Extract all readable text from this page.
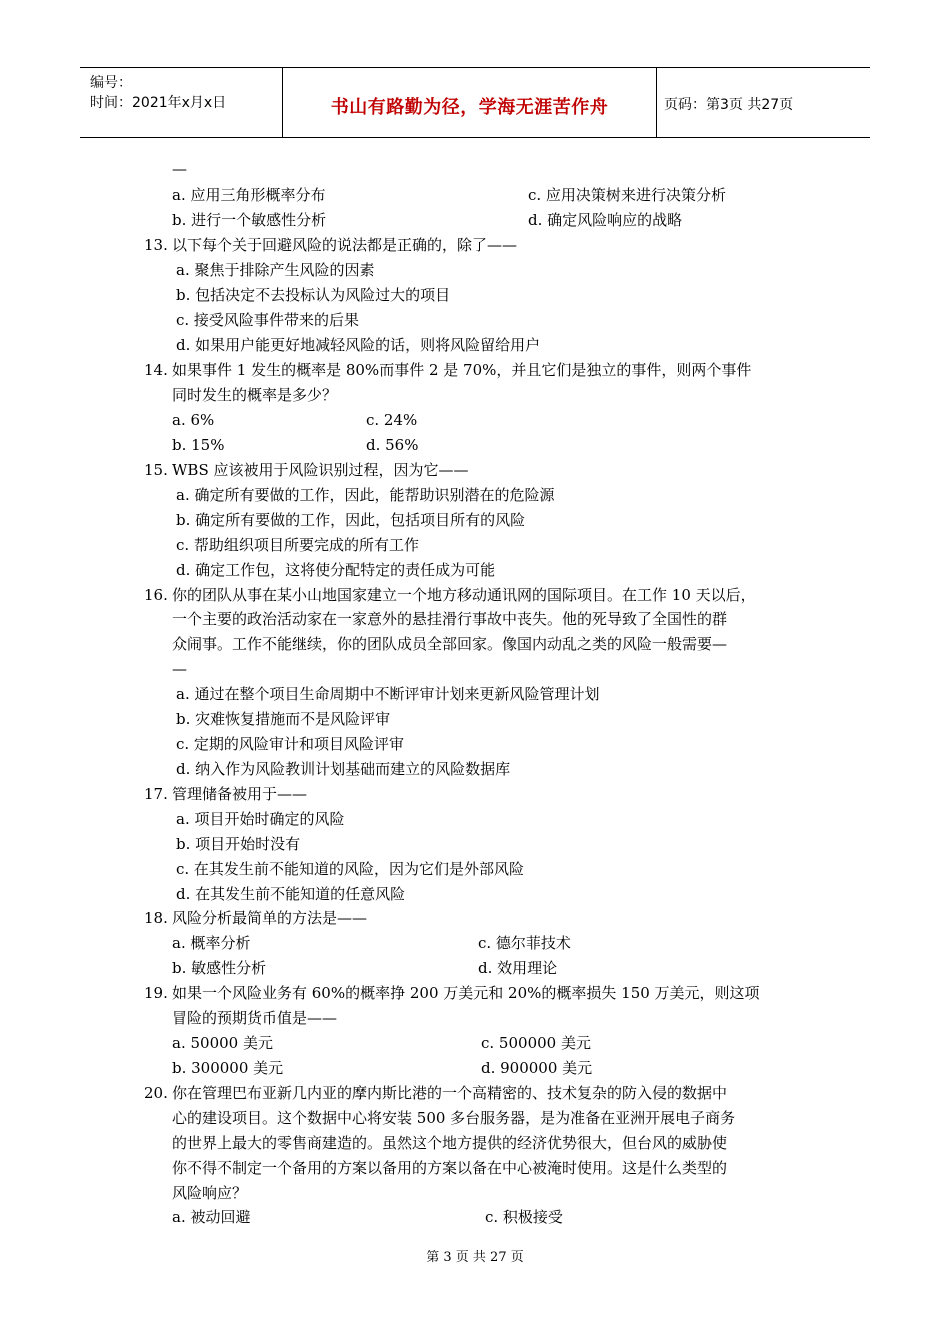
编号：
时间：2021年x月x日	书山有路勤为径，学海无涯苦作舟	页码：第3页 共27页
—
a. 应用三角形概率分布	c. 应用决策树来进行决策分析
b. 进行一个敏感性分析	d. 确定风险响应的战略
13. 以下每个关于回避风险的说法都是正确的，除了——
a. 聚焦于排除产生风险的因素
b. 包括决定不去投标认为风险过大的项目
c. 接受风险事件带来的后果
d. 如果用户能更好地减轻风险的话，则将风险留给用户
14. 如果事件 1 发生的概率是 80%而事件 2 是 70%，并且它们是独立的事件，则两个事件
同时发生的概率是多少？
a. 6%	c. 24%
b. 15%	d. 56%
15. WBS 应该被用于风险识别过程，因为它——
a. 确定所有要做的工作，因此，能帮助识别潜在的危险源
b. 确定所有要做的工作，因此，包括项目所有的风险
c. 帮助组织项目所要完成的所有工作
d. 确定工作包，这将使分配特定的责任成为可能
16. 你的团队从事在某小山地国家建立一个地方移动通讯网的国际项目。在工作 10 天以后，
一个主要的政治活动家在一家意外的悬挂滑行事故中丧失。他的死导致了全国性的群
众闹事。工作不能继续，你的团队成员全部回家。像国内动乱之类的风险一般需要—
—
a. 通过在整个项目生命周期中不断评审计划来更新风险管理计划
b. 灾难恢复措施而不是风险评审
c. 定期的风险审计和项目风险评审
d. 纳入作为风险教训计划基础而建立的风险数据库
17. 管理储备被用于——
a. 项目开始时确定的风险
b. 项目开始时没有
c. 在其发生前不能知道的风险，因为它们是外部风险
d. 在其发生前不能知道的任意风险
18. 风险分析最简单的方法是——
a. 概率分析	c. 德尔菲技术
b. 敏感性分析	d. 效用理论
19. 如果一个风险业务有 60%的概率挣 200 万美元和 20%的概率损失 150 万美元，则这项
冒险的预期货币值是——
a. 50000 美元	c. 500000 美元
b. 300000 美元	d. 900000 美元
20. 你在管理巴布亚新几内亚的摩内斯比港的一个高精密的、技术复杂的防入侵的数据中
心的建设项目。这个数据中心将安装 500 多台服务器，是为准备在亚洲开展电子商务
的世界上最大的零售商建造的。虽然这个地方提供的经济优势很大，但台风的威胁使
你不得不制定一个备用的方案以备用的方案以备在中心被淹时使用。这是什么类型的
风险响应？
a. 被动回避	c. 积极接受
第 3 页 共 27 页
